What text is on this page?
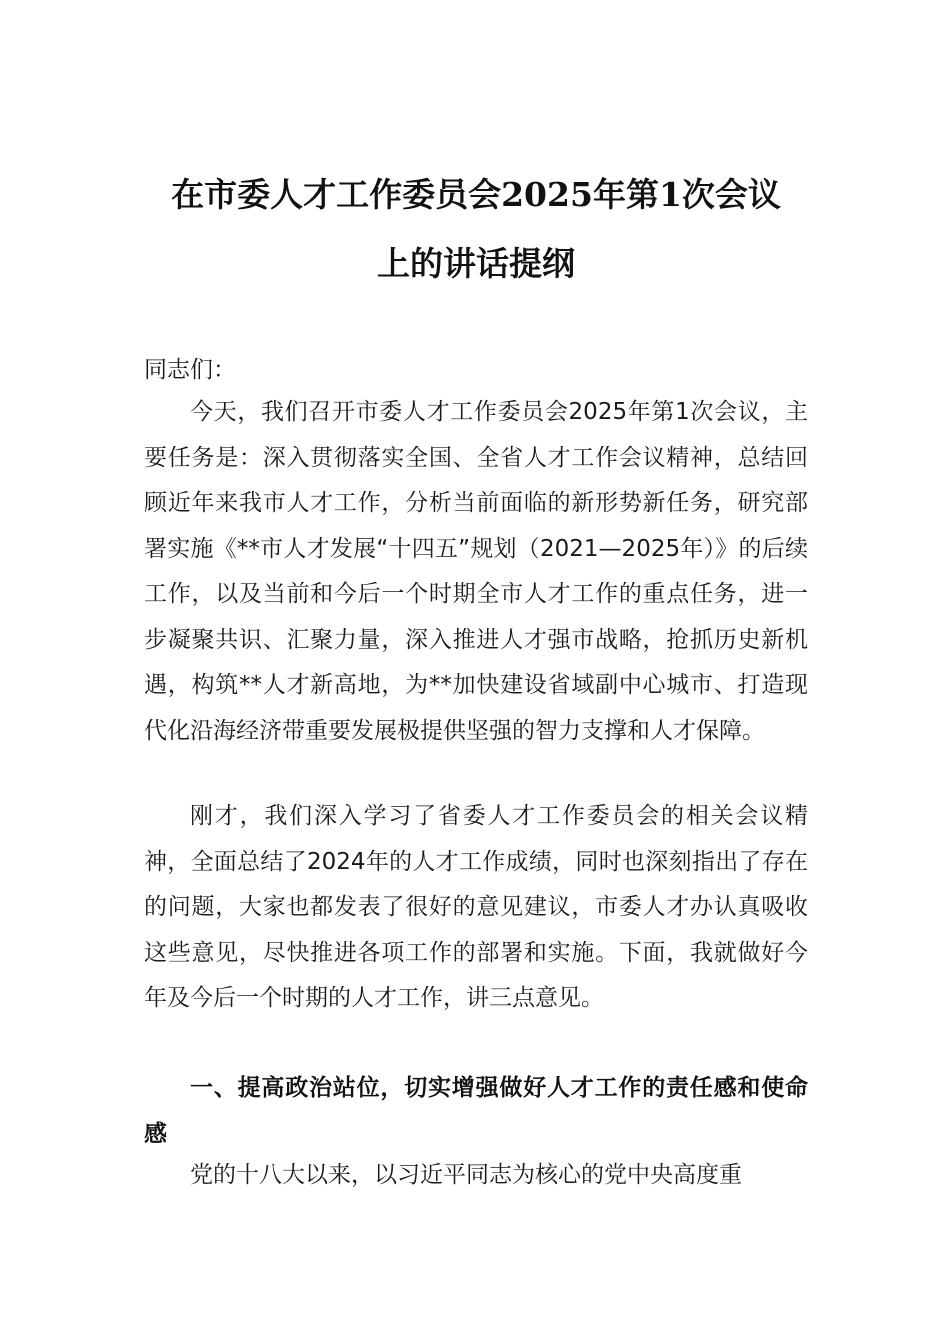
在市委人才工作委员会2025年第1次会议
上的讲话提纲

同志们：

今天，我们召开市委人才工作委员会2025年第1次会议，主要任务是：深入贯彻落实全国、全省人才工作会议精神，总结回顾近年来我市人才工作，分析当前面临的新形势新任务，研究部署实施《**市人才发展“十四五”规划（2021—2025年）》的后续工作，以及当前和今后一个时期全市人才工作的重点任务，进一步凝聚共识、汇聚力量，深入推进人才强市战略，抢抓历史新机遇，构筑**人才新高地，为**加快建设省域副中心城市、打造现代化沿海经济带重要发展极提供坚强的智力支撑和人才保障。

刚才，我们深入学习了省委人才工作委员会的相关会议精神，全面总结了2024年的人才工作成绩，同时也深刻指出了存在的问题，大家也都发表了很好的意见建议，市委人才办认真吸收这些意见，尽快推进各项工作的部署和实施。下面，我就做好今年及今后一个时期的人才工作，讲三点意见。

一、提高政治站位，切实增强做好人才工作的责任感和使命感

党的十八大以来，以习近平同志为核心的党中央高度重
